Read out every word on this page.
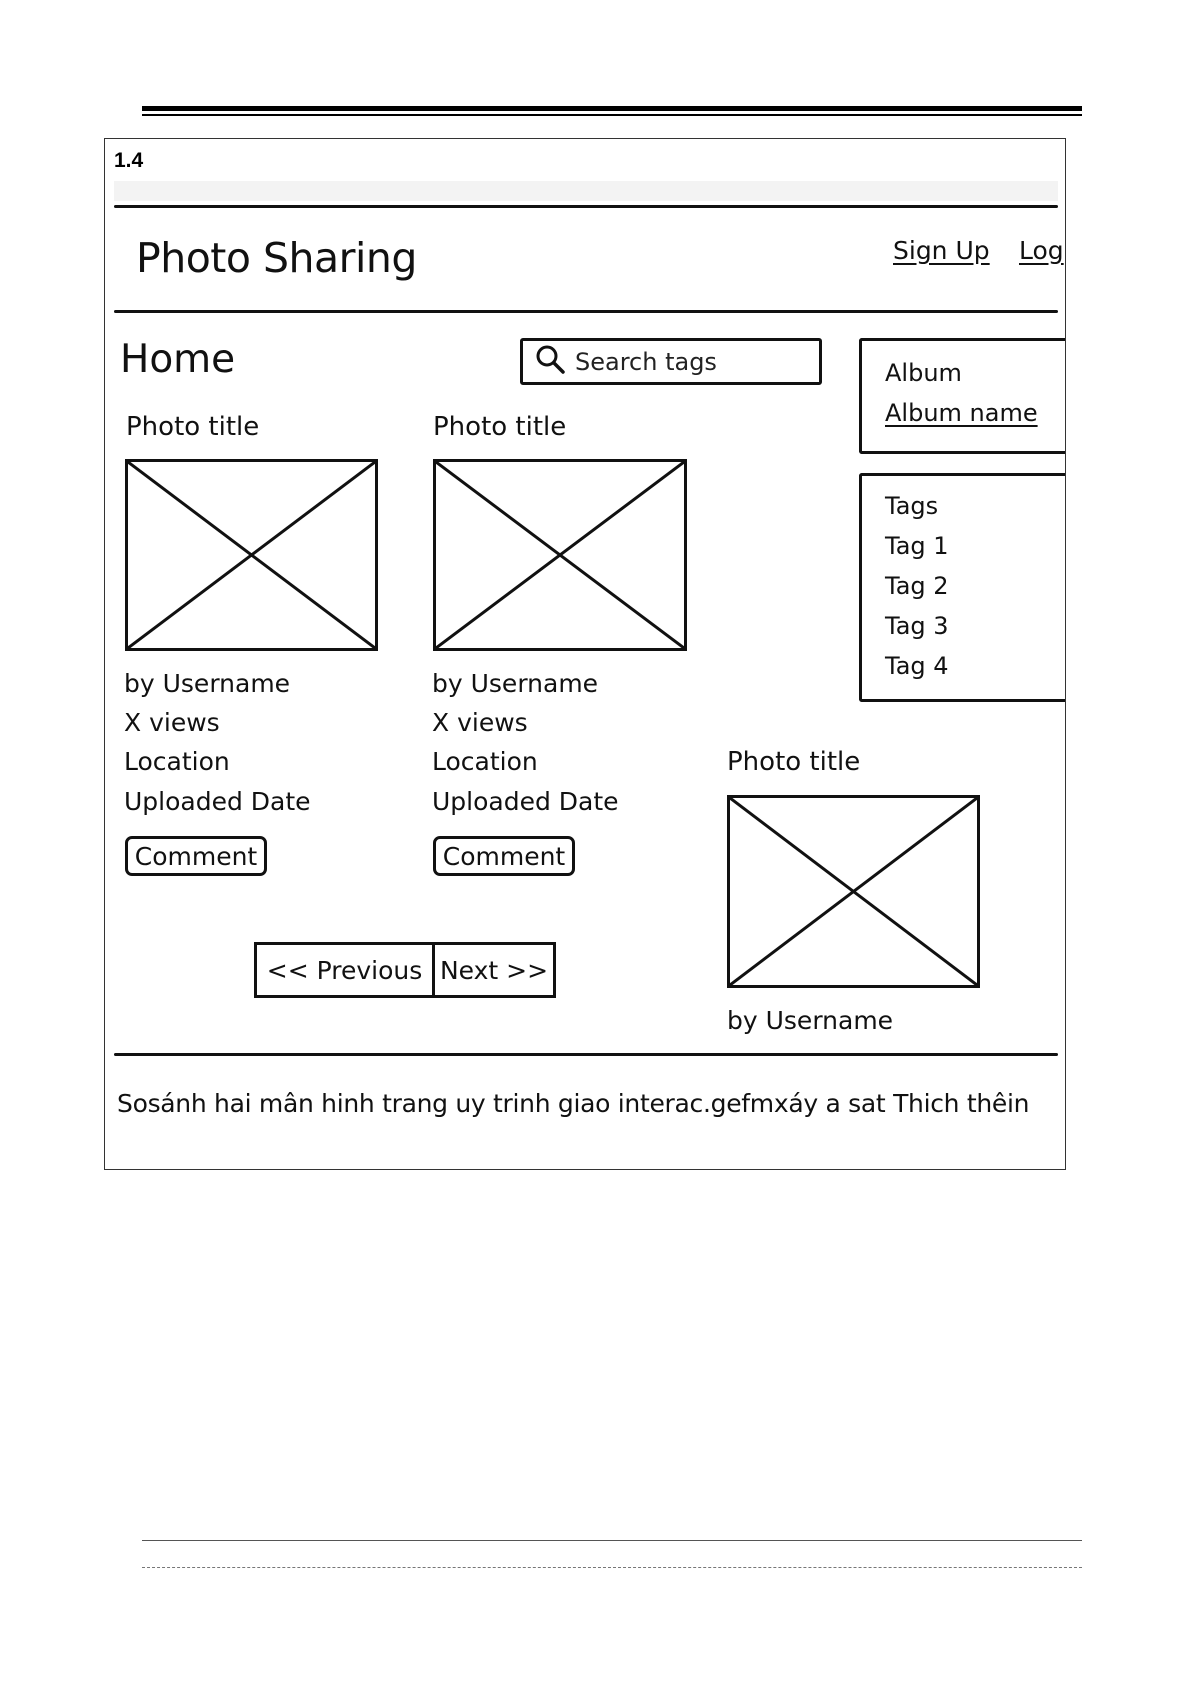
1.4
Photo Sharing	Sign Up Log
Home	Search tags	Album
Album name
Tags
Tag 1
Tag 2
Tag 3
Tag 4
Photo title
by Username
X views
Location
Uploaded Date
Comment
Photo title
by Username
X views
Location
Uploaded Date
Comment
Photo title
by Username
<< Previous Next >>
Sosánh hai mân hinh trang uy trinh giao interac.gefmxáy a sat Thich thêin
